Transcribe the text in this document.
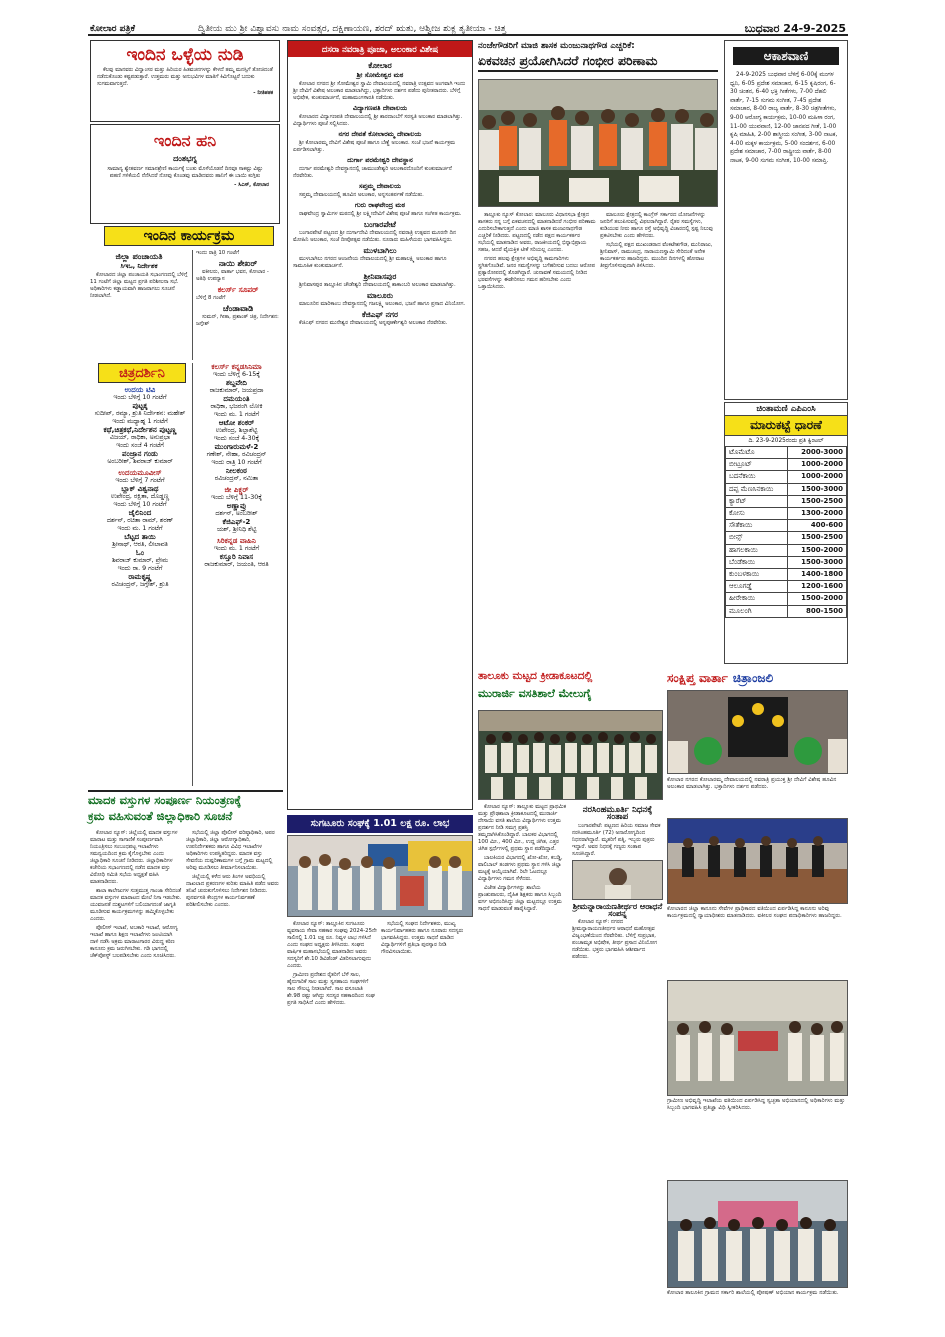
ಕೋಲಾರ ಪತ್ರಿಕೆ	ದ್ವಿತೀಯ ಮು ಶ್ರೀ ವಿಶ್ವಾವಸು ನಾಮ ಸಂವತ್ಸರ, ದಕ್ಷಿಣಾಯಣ, ಶರದ್ ಋತು, ಆಶ್ವೀಜ ಶುಕ್ಲ ತೃತೀಯಾ - ಚಿತ್ತ	ಬುಧವಾರ 24-9-2025
ಇಂದಿನ ಒಳ್ಳೆಯ ನುಡಿ

ಕೆಲವು ಮಾನವರು ವಿದ್ವಾಂಸರ ಮತ್ತು ಹಿರಿಯರ ಹಿತವಚನಗಳನ್ನು ಕೇಳದೆ ತಮ್ಮ ಮನಸ್ಸಿಗೆ ತೋಚಿದಂತೆ ನಡೆದುಕೊಂಡು ಕಷ್ಟಪಡುತ್ತಾರೆ. ಉತ್ತಮರು ಮತ್ತು ಅನುಭವಿಗಳ ಮಾತಿಗೆ ಕಿವಿಗೊಟ್ಟರೆ ಬದುಕು ಸುಗಮವಾಗುತ್ತದೆ.

- ನೀತಿಶತಕ
ಇಂದಿನ ಹನಿ
ದಂತಭಗ್ನ

ಸಾಮಾನ್ಯ ಶ್ವೇತವರ್ಣ ಸಮಾನಶ್ರೇಣಿ ಕಾರ್ಯಕ್ಕೆ ಬಂತು ಮೊಳೆಯೊಡನೆ ದಿನವೂ ಸಾಕಷ್ಟು ವಿಷ್ಟು ಪಹಣಿ ಗಳಿಕೆಯಲಿ ನೆನೆಸಿದರೆ ನೋವು ಕೊಂಡವು ಮಾಡಿದವರು ಹಾನಿಗೆ ಈ ಬಾಯಿ ಕುಗ್ಗಿತು

- ಸಿಎಸ್, ಕೋಲಾರ
ಇಂದಿನ ಕಾರ್ಯಕ್ರಮ
ಜಿಲ್ಲಾ ಪಂಚಾಯತಿ
ಸಿಇಒ, ನಿರ್ದೇಶಕ

ಕೋಲಾರದ ಜಿಲ್ಲಾ ಪಂಚಾಯತಿ ಸಭಾಂಗಣದಲ್ಲಿ ಬೆಳಿಗ್ಗೆ 11 ಗಂಟೆಗೆ ಜಿಲ್ಲಾ ಮಟ್ಟದ ಪ್ರಗತಿ ಪರಿಶೀಲನಾ ಸಭೆ. ಅಧಿಕಾರಿಗಳು ಕಡ್ಡಾಯವಾಗಿ ಹಾಜರಾಗಲು ಸೂಚನೆ ನೀಡಲಾಗಿದೆ.

ಇಂದು ರಾತ್ರಿ 10 ಗಂಟೆಗೆ
ನಾಯಿ ಶೇಖರ್

ವಕೀಲರು, ವಾರ್ತಾ ಭವನ, ಕೋಲಾರ - ಅತಿಥಿ ಉಪನ್ಯಾಸ

ಕಲರ್ಸ್ ಸೂಪರ್
ಬೆಳಿಗ್ಗೆ 8 ಗಂಟೆಗೆ
ಚೆಂಡಾವಾಡಿ

ಸುಮನ್, ಗೀತಾ, ಪ್ರಶಾಂತ್ ಚಿತ್ರ, ನಿರ್ದೇಶನ: ಜಗ್ಗೇಶ್

ಚಿತ್ರದರ್ಶಿನಿ
ಉದಯ ಟಿವಿ
ಇಂದು ಬೆಳಿಗ್ಗೆ 10 ಗಂಟೆಗೆ
ಪುಟ್ಟಕ್ಕ
ಸುದೀಪ್, ರಮ್ಯಾ, ಶ್ರುತಿ ನಿರ್ದೇಶನ: ಮಹೇಶ್
ಇಂದು ಮಧ್ಯಾಹ್ನ 1 ಗಂಟೆಗೆ
ಕಥೆ,ಚಿತ್ರಕಥೆ,ನಿರ್ದೇಶನ ಪುಟ್ಟಣ್ಣ
ವಿಜಯ್, ರಾಧಿಕಾ, ಅನುಪ್ರಭಾ
ಇಂದು ಸಂಜೆ 4 ಗಂಟೆಗೆ
ಪಂಜ್ರಾನ ಗಂಡು
ಅಂಬರೀಶ್, ಶಿವರಾಜ್ ಕುಮಾರ್
ಉದಯಮೂವೀಸ್
ಇಂದು ಬೆಳಿಗ್ಗೆ 7 ಗಂಟೆಗೆ
ಬ್ಲಾಕ್ ವಿಶ್ವನಾಥ
ಉಪೇಂದ್ರ, ರಕ್ಷಿತಾ, ದೊಡ್ಡಣ್ಣ
ಇಂದು ಬೆಳಿಗ್ಗೆ 10 ಗಂಟೆಗೆ
ಜೈಲಿನಿಂದ
ದರ್ಶನ್, ರಚಿತಾ ರಾಮ್, ಶರಣ್
ಇಂದು ಮ. 1 ಗಂಟೆಗೆ
ಬೆಟ್ಟದ ತಾಯಿ
ಶ್ರೀನಾಥ್, ಆರತಿ, ಲೀಲಾವತಿ
ಓಂ
ಶಿವರಾಜ್ ಕುಮಾರ್, ಪ್ರೇಮ
ಇಂದು ರಾ. 9 ಗಂಟೆಗೆ
ರಾಮಕೃಷ್ಣ
ರವಿಚಂದ್ರನ್, ಜಗ್ಗೇಶ್, ಶ್ರುತಿ
ಕಲರ್ಸ್ ಕನ್ನಡಸಿನಿಮಾ
ಇಂದು ಬೆಳಿಗ್ಗೆ 6-15ಕ್ಕೆ
ಶಬ್ದವೇದಿ
ರಾಜಕುಮಾರ್, ಜಯಪ್ರದಾ
ದಮಯಂತಿ
ರಾಧಿಕಾ, ಭಜರಂಗಿ ಲೋಕಿ
ಇಂದು ಮ. 1 ಗಂಟೆಗೆ
ಆಟೋ ಶಂಕರ್
ಉಪೇಂದ್ರ, ಶಿಲ್ಪಾಶೆಟ್ಟಿ
ಇಂದು ಸಂಜೆ 4-30ಕ್ಕೆ
ಮುಂಗಾರುಮಳೆ-2
ಗಣೇಶ್, ನೇಹಾ, ರವಿಚಂದ್ರನ್
ಇಂದು ರಾತ್ರಿ 10 ಗಂಟೆಗೆ
ನೀಲಕಂಠ
ರವಿಚಂದ್ರನ್, ನಮಿತಾ
ಜೀ ಪಿಕ್ಚರ್
ಇಂದು ಬೆಳಿಗ್ಗೆ 11-30ಕ್ಕೆ
ಅಣ್ಣಾವ್ರು
ದರ್ಶನ್, ಅಂಬರೀಶ್
ಕೆಜಿಎಫ್-2
ಯಶ್, ಶ್ರೀನಿಧಿ ಶೆಟ್ಟಿ
ಸಿರಿಕನ್ನಡ ವಾಹಿನಿ
ಇಂದು ಮ. 1 ಗಂಟೆಗೆ
ಕಸ್ತೂರಿ ನಿವಾಸ
ರಾಜಕುಮಾರ್, ಜಯಂತಿ, ಆರತಿ
ಮಾದಕ ವಸ್ತುಗಳ ಸಂಪೂರ್ಣ ನಿಯಂತ್ರಣಕ್ಕೆ
ಕ್ರಮ ವಹಿಸುವಂತೆ ಜಿಲ್ಲಾಧಿಕಾರಿ ಸೂಚನೆ

ಕೋಲಾರ ನ್ಯೂಸ್: ಜಿಲ್ಲೆಯಲ್ಲಿ ಮಾದಕ ವಸ್ತುಗಳ ಮಾರಾಟ ಮತ್ತು ಸಾಗಾಣಿಕೆ ಸಂಪೂರ್ಣವಾಗಿ ನಿಯಂತ್ರಿಸಲು ಸಂಬಂಧಪಟ್ಟ ಇಲಾಖೆಗಳು ಸಮನ್ವಯದಿಂದ ಕ್ರಮ ಕೈಗೊಳ್ಳಬೇಕು ಎಂದು ಜಿಲ್ಲಾಧಿಕಾರಿ ಸೂಚನೆ ನೀಡಿದರು. ಜಿಲ್ಲಾಧಿಕಾರಿಗಳ ಕಚೇರಿಯ ಸಭಾಂಗಣದಲ್ಲಿ ನಡೆದ ಮಾದಕ ವಸ್ತು ವಿರೋಧಿ ಸಮಿತಿ ಸಭೆಯ ಅಧ್ಯಕ್ಷತೆ ವಹಿಸಿ ಮಾತನಾಡಿದರು.

ಶಾಲಾ ಕಾಲೇಜುಗಳ ಸುತ್ತಮುತ್ತ ಗಾಂಜಾ ಸೇರಿದಂತೆ ಮಾದಕ ವಸ್ತುಗಳ ಮಾರಾಟದ ಮೇಲೆ ನಿಗಾ ಇಡಬೇಕು. ಯುವಜನತೆ ದುಶ್ಚಟಗಳಿಗೆ ಬಲಿಯಾಗದಂತೆ ಜಾಗೃತಿ ಮೂಡಿಸುವ ಕಾರ್ಯಕ್ರಮಗಳನ್ನು ಹಮ್ಮಿಕೊಳ್ಳಬೇಕು ಎಂದರು.

ಪೊಲೀಸ್ ಇಲಾಖೆ, ಅಬಕಾರಿ ಇಲಾಖೆ, ಆರೋಗ್ಯ ಇಲಾಖೆ ಹಾಗೂ ಶಿಕ್ಷಣ ಇಲಾಖೆಗಳು ಜಂಟಿಯಾಗಿ ದಾಳಿ ನಡೆಸಿ ಅಕ್ರಮ ಮಾರಾಟಗಾರರ ವಿರುದ್ಧ ಕಠಿಣ ಕಾನೂನು ಕ್ರಮ ಜರುಗಿಸಬೇಕು. ಗಡಿ ಭಾಗದಲ್ಲಿ ಚೆಕ್‌ಪೋಸ್ಟ್ ಬಲಪಡಿಸಬೇಕು ಎಂದು ಸೂಚಿಸಿದರು.

ಸಭೆಯಲ್ಲಿ ಜಿಲ್ಲಾ ಪೊಲೀಸ್ ವರಿಷ್ಠಾಧಿಕಾರಿ, ಅಪರ ಜಿಲ್ಲಾಧಿಕಾರಿ, ಜಿಲ್ಲಾ ಆರೋಗ್ಯಾಧಿಕಾರಿ, ಉಪನಿರ್ದೇಶಕರು ಹಾಗೂ ವಿವಿಧ ಇಲಾಖೆಗಳ ಅಧಿಕಾರಿಗಳು ಉಪಸ್ಥಿತರಿದ್ದರು. ಮಾದಕ ವಸ್ತು ಸೇವನೆಯ ದುಷ್ಪರಿಣಾಮಗಳ ಬಗ್ಗೆ ಗ್ರಾಮ ಮಟ್ಟದಲ್ಲಿ ಅರಿವು ಮೂಡಿಸಲು ತೀರ್ಮಾನಿಸಲಾಯಿತು.

ಜಿಲ್ಲೆಯಲ್ಲಿ ಕಳೆದ ಆರು ತಿಂಗಳ ಅವಧಿಯಲ್ಲಿ ದಾಖಲಾದ ಪ್ರಕರಣಗಳ ಕುರಿತು ಮಾಹಿತಿ ಪಡೆದ ಅವರು ತನಿಖೆ ಚುರುಕುಗೊಳಿಸಲು ನಿರ್ದೇಶನ ನೀಡಿದರು. ಪುನರ್ವಸತಿ ಕೇಂದ್ರಗಳ ಕಾರ್ಯನಿರ್ವಹಣೆ ಪರಿಶೀಲಿಸಬೇಕು ಎಂದರು.

ದಸರಾ ನವರಾತ್ರಿ ಪೂಜಾ, ಅಲಂಕಾರ ವಿಶೇಷ
ಕೋಲಾರ
ಶ್ರೀ ಸೋಮೇಶ್ವರ ಮಠ

ಕೋಲಾರ ನಗರದ ಶ್ರೀ ಸೋಮೇಶ್ವರ ಸ್ವಾಮಿ ದೇವಾಲಯದಲ್ಲಿ ನವರಾತ್ರಿ ಉತ್ಸವದ ಅಂಗವಾಗಿ ಇಂದು ಶ್ರೀ ದೇವಿಗೆ ವಿಶೇಷ ಅಲಂಕಾರ ಮಾಡಲಾಗಿದ್ದು, ಭಕ್ತಾದಿಗಳು ದರ್ಶನ ಪಡೆದು ಪುನೀತರಾದರು. ಬೆಳಿಗ್ಗೆ ಅಭಿಷೇಕ, ಕುಂಕುಮಾರ್ಚನೆ, ಮಹಾಮಂಗಳಾರತಿ ನಡೆಯಿತು.

ವಿದ್ಯಾಗಣಪತಿ ದೇವಾಲಯ

ಕೋಲಾರದ ವಿದ್ಯಾಗಣಪತಿ ದೇವಾಲಯದಲ್ಲಿ ಶ್ರೀ ಶಾರದಾಂಬೆಗೆ ಸರಸ್ವತಿ ಅಲಂಕಾರ ಮಾಡಲಾಗಿತ್ತು. ವಿದ್ಯಾರ್ಥಿಗಳು ಪೂಜೆ ಸಲ್ಲಿಸಿದರು.

ನಗರ ದೇವತೆ ಕೋಲಾರಮ್ಮ ದೇವಾಲಯ

ಶ್ರೀ ಕೋಲಾರಮ್ಮ ದೇವಿಗೆ ವಿಶೇಷ ಪೂಜೆ ಹಾಗೂ ಬೆಣ್ಣೆ ಅಲಂಕಾರ. ಸಂಜೆ ಭಜನೆ ಕಾರ್ಯಕ್ರಮ ಏರ್ಪಡಿಸಲಾಗಿತ್ತು.

ದುರ್ಗಾ ಪರಮೇಶ್ವರಿ ದೇವಸ್ಥಾನ

ದುರ್ಗಾ ಪರಮೇಶ್ವರಿ ದೇವಸ್ಥಾನದಲ್ಲಿ ಚಾಮುಂಡೇಶ್ವರಿ ಅಲಂಕಾರದೊಂದಿಗೆ ಕುಂಕುಮಾರ್ಚನೆ ನೆರವೇರಿತು.

ಸಪ್ತಮ್ಮ ದೇವಾಲಯ

ಸಪ್ತಮ್ಮ ದೇವಾಲಯದಲ್ಲಿ ಹೂವಿನ ಅಲಂಕಾರ, ಅನ್ನಸಂತರ್ಪಣೆ ನಡೆಯಿತು.

ಗುರು ರಾಘವೇಂದ್ರ ಮಠ

ರಾಘವೇಂದ್ರ ಸ್ವಾಮಿಗಳ ಮಠದಲ್ಲಿ ಶ್ರೀ ಲಕ್ಷ್ಮೀದೇವಿಗೆ ವಿಶೇಷ ಪೂಜೆ ಹಾಗೂ ಸಂಗೀತ ಕಾರ್ಯಕ್ರಮ.

ಬಂಗಾರಪೇಟೆ

ಬಂಗಾರಪೇಟೆ ಪಟ್ಟಣದ ಶ್ರೀ ದುರ್ಗಾದೇವಿ ದೇವಾಲಯದಲ್ಲಿ ನವರಾತ್ರಿ ಉತ್ಸವದ ಮೂರನೇ ದಿನ ಮೋಹಿನಿ ಅಲಂಕಾರ, ಸಂಜೆ ದೀಪೋತ್ಸವ ನಡೆಯಿತು. ನೂರಾರು ಮಹಿಳೆಯರು ಭಾಗವಹಿಸಿದ್ದರು.

ಮುಳಬಾಗಿಲು

ಮುಳಬಾಗಿಲು ನಗರದ ಆಂಜನೇಯ ದೇವಾಲಯದಲ್ಲಿ ಶ್ರೀ ಮಹಾಲಕ್ಷ್ಮಿ ಅಲಂಕಾರ ಹಾಗೂ ಸಾಮೂಹಿಕ ಕುಂಕುಮಾರ್ಚನೆ.

ಶ್ರೀನಿವಾಸಪುರ

ಶ್ರೀನಿವಾಸಪುರ ತಾಲ್ಲೂಕಿನ ಚೌಡೇಶ್ವರಿ ದೇವಾಲಯದಲ್ಲಿ ಶಾಕಾಂಬರಿ ಅಲಂಕಾರ ಮಾಡಲಾಗಿತ್ತು.

ಮಾಲೂರು

ಮಾಲೂರಿನ ಮಾರಿಕಾಂಬ ದೇವಸ್ಥಾನದಲ್ಲಿ ಗಜಲಕ್ಷ್ಮಿ ಅಲಂಕಾರ, ಭಜನೆ ಹಾಗೂ ಪ್ರಸಾದ ವಿನಿಯೋಗ.

ಕೆಜಿಎಫ್ ನಗರ

ಕೆಜಿಎಫ್ ನಗರದ ಮುನೇಶ್ವರ ದೇವಾಲಯದಲ್ಲಿ ಅನ್ನಪೂರ್ಣೇಶ್ವರಿ ಅಲಂಕಾರ ನೆರವೇರಿತು.

ಸುಗಟೂರು ಸಂಘಕ್ಕೆ 1.01 ಲಕ್ಷ ರೂ. ಲಾಭ

ಕೋಲಾರ ನ್ಯೂಸ್: ತಾಲ್ಲೂಕಿನ ಸುಗಟೂರು ವ್ಯವಸಾಯ ಸೇವಾ ಸಹಕಾರ ಸಂಘವು 2024-25ನೇ ಸಾಲಿನಲ್ಲಿ 1.01 ಲಕ್ಷ ರೂ. ನಿವ್ವಳ ಲಾಭ ಗಳಿಸಿದೆ ಎಂದು ಸಂಘದ ಅಧ್ಯಕ್ಷರು ತಿಳಿಸಿದರು. ಸಂಘದ ವಾರ್ಷಿಕ ಮಹಾಸಭೆಯಲ್ಲಿ ಮಾತನಾಡಿದ ಅವರು ಸದಸ್ಯರಿಗೆ ಶೇ.10 ಡಿವಿಡೆಂಡ್ ವಿತರಿಸಲಾಗುವುದು ಎಂದರು.

ಗ್ರಾಮೀಣ ಪ್ರದೇಶದ ರೈತರಿಗೆ ಬೆಳೆ ಸಾಲ, ಹೈನುಗಾರಿಕೆ ಸಾಲ ಮತ್ತು ಸ್ವಸಹಾಯ ಸಂಘಗಳಿಗೆ ಸಾಲ ಸೌಲಭ್ಯ ನೀಡಲಾಗಿದೆ. ಸಾಲ ವಸೂಲಾತಿ ಶೇ.98 ರಷ್ಟು ಆಗಿದ್ದು ಸದಸ್ಯರ ಸಹಕಾರದಿಂದ ಸಂಘ ಪ್ರಗತಿ ಸಾಧಿಸಿದೆ ಎಂದು ಹೇಳಿದರು.

ಸಭೆಯಲ್ಲಿ ಸಂಘದ ನಿರ್ದೇಶಕರು, ಮುಖ್ಯ ಕಾರ್ಯನಿರ್ವಾಹಕರು ಹಾಗೂ ನೂರಾರು ಸದಸ್ಯರು ಭಾಗವಹಿಸಿದ್ದರು. ಉತ್ತಮ ಸಾಧನೆ ಮಾಡಿದ ವಿದ್ಯಾರ್ಥಿಗಳಿಗೆ ಪ್ರತಿಭಾ ಪುರಸ್ಕಾರ ನೀಡಿ ಗೌರವಿಸಲಾಯಿತು.

ನಂಜೇಗೌಡರಿಗೆ ಮಾಜಿ ಶಾಸಕ ಮಂಜುನಾಥಗೌಡ ಎಚ್ಚರಿಕೆ:
ಏಕವಚನ ಪ್ರಯೋಗಿಸಿದರೆ ಗಂಭೀರ ಪರಿಣಾಮ

ತಾಲ್ಲೂಕು ನ್ಯೂಸ್ ಕೋಲಾರ: ಮಾಲೂರು ವಿಧಾನಸಭಾ ಕ್ಷೇತ್ರದ ಶಾಸಕರು ನನ್ನ ಬಗ್ಗೆ ಏಕವಚನದಲ್ಲಿ ಮಾತನಾಡಿದರೆ ಗಂಭೀರ ಪರಿಣಾಮ ಎದುರಿಸಬೇಕಾಗುತ್ತದೆ ಎಂದು ಮಾಜಿ ಶಾಸಕ ಮಂಜುನಾಥಗೌಡ ಎಚ್ಚರಿಕೆ ನೀಡಿದರು. ಪಟ್ಟಣದಲ್ಲಿ ನಡೆದ ಪಕ್ಷದ ಕಾರ್ಯಕರ್ತರ ಸಭೆಯಲ್ಲಿ ಮಾತನಾಡಿದ ಅವರು, ರಾಜಕೀಯದಲ್ಲಿ ಭಿನ್ನಾಭಿಪ್ರಾಯ ಸಹಜ, ಆದರೆ ವೈಯಕ್ತಿಕ ಟೀಕೆ ಸರಿಯಲ್ಲ ಎಂದರು.

ನಗರದ ಹಲವು ಕ್ಷೇತ್ರಗಳ ಅಭಿವೃದ್ಧಿ ಕಾಮಗಾರಿಗಳು ಸ್ಥಗಿತಗೊಂಡಿವೆ. ಜನರ ಸಮಸ್ಯೆಗಳನ್ನು ಬಗೆಹರಿಸುವ ಬದಲು ಆರೋಪ ಪ್ರತ್ಯಾರೋಪದಲ್ಲಿ ತೊಡಗಿದ್ದಾರೆ. ಚುನಾವಣೆ ಸಮಯದಲ್ಲಿ ನೀಡಿದ ಭರವಸೆಗಳನ್ನು ಈಡೇರಿಸಲು ಗಮನ ಹರಿಸಬೇಕು ಎಂದು ಒತ್ತಾಯಿಸಿದರು.

ಮಾಲೂರು ಕ್ಷೇತ್ರದಲ್ಲಿ ಕಾಂಗ್ರೆಸ್ ಸರ್ಕಾರದ ಯೋಜನೆಗಳನ್ನು ಜನರಿಗೆ ತಲುಪಿಸುವಲ್ಲಿ ವಿಫಲರಾಗಿದ್ದಾರೆ. ರೈತರ ಸಮಸ್ಯೆಗಳು, ಕುಡಿಯುವ ನೀರು ಹಾಗೂ ರಸ್ತೆ ಅಭಿವೃದ್ಧಿ ವಿಚಾರದಲ್ಲಿ ಸ್ಪಷ್ಟ ನಿಲುವು ಪ್ರಕಟಿಸಬೇಕು ಎಂದು ಹೇಳಿದರು.

ಸಭೆಯಲ್ಲಿ ಪಕ್ಷದ ಮುಖಂಡರಾದ ವೆಂಕಟೇಶಗೌಡ, ಮುನಿರಾಜು, ಶ್ರೀನಿವಾಸ್, ರಾಮಚಂದ್ರ, ನಾರಾಯಣಸ್ವಾಮಿ ಸೇರಿದಂತೆ ಅನೇಕ ಕಾರ್ಯಕರ್ತರು ಹಾಜರಿದ್ದರು. ಮುಂದಿನ ದಿನಗಳಲ್ಲಿ ಹೋರಾಟ ತೀವ್ರಗೊಳಿಸುವುದಾಗಿ ತಿಳಿಸಿದರು.

ಆಕಾಶವಾಣಿ

24-9-2025 ಬುಧವಾರ ಬೆಳಿಗ್ಗೆ 6-00ಕ್ಕೆ ಮಂಗಳ ಧ್ವನಿ, 6-05 ಪ್ರದೇಶ ಸಮಾಚಾರ, 6-15 ಕೃಷಿರಂಗ, 6-30 ಚಿಂತನ, 6-40 ಭಕ್ತಿ ಗೀತೆಗಳು, 7-00 ದೆಹಲಿ ವಾರ್ತೆ, 7-15 ಸುಗಮ ಸಂಗೀತ, 7-45 ಪ್ರದೇಶ ಸಮಾಚಾರ, 8-00 ರಾಜ್ಯ ವಾರ್ತೆ, 8-30 ಚಿತ್ರಗೀತೆಗಳು, 9-00 ಆರೋಗ್ಯ ಕಾರ್ಯಕ್ರಮ, 10-00 ಮಹಿಳಾ ರಂಗ, 11-00 ಯುವವಾಣಿ, 12-00 ಜಾನಪದ ಗೀತೆ, 1-00 ಕೃಷಿ ಮಾಹಿತಿ, 2-00 ಶಾಸ್ತ್ರೀಯ ಸಂಗೀತ, 3-00 ನಾಟಕ, 4-00 ಮಕ್ಕಳ ಕಾರ್ಯಕ್ರಮ, 5-00 ಸಂದರ್ಶನ, 6-00 ಪ್ರದೇಶ ಸಮಾಚಾರ, 7-00 ರಾಷ್ಟ್ರೀಯ ವಾರ್ತೆ, 8-00 ನಾಟಕ, 9-00 ಸುಗಮ ಸಂಗೀತ, 10-00 ಸಮಾಪ್ತಿ.

ಚಿಂತಾಮಣಿ ಎಪಿಎಂಸಿ
ಮಾರುಕಟ್ಟೆ ಧಾರಣೆ
ದಿ. 23-9-2025ರಂದು ಪ್ರತಿ ಕ್ವಿಂಟಲ್
ಟೊಮೆಟೊ	2000-3000
ಬೀಟ್ರೂಟ್	1000-2000
ಬದನೆಕಾಯಿ	1000-2000
ದಪ್ಪ ಮೆಣಸಿನಕಾಯಿ	1500-3000
ಕ್ಯಾರೆಟ್	1500-2500
ಕೋಸು	1300-2000
ಸೌತೆಕಾಯಿ	400-600
ಬೀನ್ಸ್	1500-2500
ಹಾಗಲಕಾಯಿ	1500-2000
ಬೆಂಡೆಕಾಯಿ	1500-3000
ಕುಂಬಳಕಾಯಿ	1400-1800
ಆಲೂಗಡ್ಡೆ	1200-1600
ಹೀರೇಕಾಯಿ	1500-2000
ಮೂಲಂಗಿ	800-1500
ತಾಲೂಕು ಮಟ್ಟದ ಕ್ರೀಡಾಕೂಟದಲ್ಲಿ
ಮುರಾರ್ಜಿ ವಸತಿಶಾಲೆ ಮೇಲುಗೈ

ಕೋಲಾರ ನ್ಯೂಸ್: ತಾಲ್ಲೂಕು ಮಟ್ಟದ ಪ್ರಾಥಮಿಕ ಮತ್ತು ಪ್ರೌಢಶಾಲಾ ಕ್ರೀಡಾಕೂಟದಲ್ಲಿ ಮುರಾರ್ಜಿ ದೇಸಾಯಿ ವಸತಿ ಶಾಲೆಯ ವಿದ್ಯಾರ್ಥಿಗಳು ಉತ್ತಮ ಪ್ರದರ್ಶನ ನೀಡಿ ಸಮಗ್ರ ಪ್ರಶಸ್ತಿ ತಮ್ಮದಾಗಿಸಿಕೊಂಡಿದ್ದಾರೆ. ಬಾಲಕರ ವಿಭಾಗದಲ್ಲಿ 100 ಮೀ., 400 ಮೀ., ಉದ್ದ ಜಿಗಿತ, ಎತ್ತರ ಜಿಗಿತ ಸ್ಪರ್ಧೆಗಳಲ್ಲಿ ಪ್ರಥಮ ಸ್ಥಾನ ಪಡೆದಿದ್ದಾರೆ.

ಬಾಲಕಿಯರ ವಿಭಾಗದಲ್ಲಿ ಖೋ-ಖೋ, ಕಬಡ್ಡಿ, ವಾಲಿಬಾಲ್ ತಂಡಗಳು ಪ್ರಥಮ ಸ್ಥಾನ ಗಳಿಸಿ ಜಿಲ್ಲಾ ಮಟ್ಟಕ್ಕೆ ಆಯ್ಕೆಯಾಗಿವೆ. ರಿಲೇ ಓಟದಲ್ಲೂ ವಿದ್ಯಾರ್ಥಿಗಳು ಗಮನ ಸೆಳೆದರು.

ವಿಜೇತ ವಿದ್ಯಾರ್ಥಿಗಳನ್ನು ಶಾಲೆಯ ಪ್ರಾಂಶುಪಾಲರು, ದೈಹಿಕ ಶಿಕ್ಷಕರು ಹಾಗೂ ಸಿಬ್ಬಂದಿ ವರ್ಗ ಅಭಿನಂದಿಸಿದ್ದು ಜಿಲ್ಲಾ ಮಟ್ಟದಲ್ಲೂ ಉತ್ತಮ ಸಾಧನೆ ಮಾಡುವಂತೆ ಹಾರೈಸಿದ್ದಾರೆ.

ನರಸಿಂಹಮೂರ್ತಿ ನಿಧನಕ್ಕೆ ಸಂತಾಪ

ಬಂಗಾರಪೇಟೆ: ಪಟ್ಟಣದ ಹಿರಿಯ ಸಮಾಜ ಸೇವಕ ನರಸಿಂಹಮೂರ್ತಿ (72) ಅನಾರೋಗ್ಯದಿಂದ ನಿಧನರಾಗಿದ್ದಾರೆ. ಮೃತರಿಗೆ ಪತ್ನಿ, ಇಬ್ಬರು ಪುತ್ರರು ಇದ್ದಾರೆ. ಅವರ ನಿಧನಕ್ಕೆ ಗಣ್ಯರು ಸಂತಾಪ ಸೂಚಿಸಿದ್ದಾರೆ.

ಶ್ರೀಮನ್ನಾರಾಯಣತೀರ್ಥರ ಆರಾಧನೆ ಸಂಪನ್ನ

ಕೋಲಾರ ನ್ಯೂಸ್: ನಗರದ ಶ್ರೀಮನ್ನಾರಾಯಣತೀರ್ಥರ ಆರಾಧನೆ ಮಹೋತ್ಸವ ವಿಜೃಂಭಣೆಯಿಂದ ನೆರವೇರಿತು. ಬೆಳಿಗ್ಗೆ ಸುಪ್ರಭಾತ, ಪಂಚಾಮೃತ ಅಭಿಷೇಕ, ತೀರ್ಥ ಪ್ರಸಾದ ವಿನಿಯೋಗ ನಡೆಯಿತು. ಭಕ್ತರು ಭಾಗವಹಿಸಿ ಆಶೀರ್ವಾದ ಪಡೆದರು.

ಸಂಕ್ಷಿಪ್ತ ವಾರ್ತಾ ಚಿತ್ರಾಂಜಲಿ
ಕೋಲಾರ ನಗರದ ಕೋಲಾರಮ್ಮ ದೇವಾಲಯದಲ್ಲಿ ನವರಾತ್ರಿ ಪ್ರಯುಕ್ತ ಶ್ರೀ ದೇವಿಗೆ ವಿಶೇಷ ಹೂವಿನ ಅಲಂಕಾರ ಮಾಡಲಾಗಿತ್ತು. ಭಕ್ತಾದಿಗಳು ದರ್ಶನ ಪಡೆದರು.
ಕೋಲಾರದ ಜಿಲ್ಲಾ ಕಾನೂನು ಸೇವೆಗಳ ಪ್ರಾಧಿಕಾರದ ವತಿಯಿಂದ ಏರ್ಪಡಿಸಿದ್ದ ಕಾನೂನು ಅರಿವು ಕಾರ್ಯಕ್ರಮದಲ್ಲಿ ನ್ಯಾಯಾಧೀಶರು ಮಾತನಾಡಿದರು. ವಕೀಲರ ಸಂಘದ ಪದಾಧಿಕಾರಿಗಳು ಹಾಜರಿದ್ದರು.
ಗ್ರಾಮೀಣ ಅಭಿವೃದ್ಧಿ ಇಲಾಖೆಯ ವತಿಯಿಂದ ಏರ್ಪಡಿಸಿದ್ದ ಸ್ವಚ್ಛತಾ ಅಭಿಯಾನದಲ್ಲಿ ಅಧಿಕಾರಿಗಳು ಮತ್ತು ಸಿಬ್ಬಂದಿ ಭಾಗವಹಿಸಿ ಪ್ರತಿಜ್ಞಾ ವಿಧಿ ಸ್ವೀಕರಿಸಿದರು.
ಕೋಲಾರ ತಾಲೂಕಿನ ಗ್ರಾಮದ ಸರ್ಕಾರಿ ಶಾಲೆಯಲ್ಲಿ ಪೋಷಣ್ ಅಭಿಯಾನ ಕಾರ್ಯಕ್ರಮ ನಡೆಯಿತು.
